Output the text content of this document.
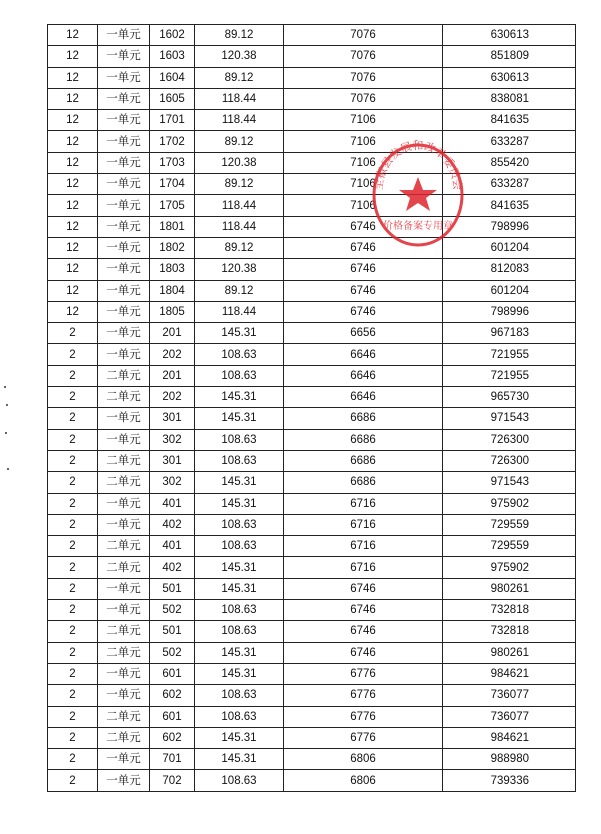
12	一单元	1602	89.12	7076	630613
12	一单元	1603	120.38	7076	851809
12	一单元	1604	89.12	7076	630613
12	一单元	1605	118.44	7076	838081
12	一单元	1701	118.44	7106	841635
12	一单元	1702	89.12	7106	633287
12	一单元	1703	120.38	7106	855420
12	一单元	1704	89.12	7106	633287
12	一单元	1705	118.44	7106	841635
12	一单元	1801	118.44	6746	798996
12	一单元	1802	89.12	6746	601204
12	一单元	1803	120.38	6746	812083
12	一单元	1804	89.12	6746	601204
12	一单元	1805	118.44	6746	798996
2	一单元	201	145.31	6656	967183
2	一单元	202	108.63	6646	721955
2	二单元	201	108.63	6646	721955
2	二单元	202	145.31	6646	965730
2	一单元	301	145.31	6686	971543
2	一单元	302	108.63	6686	726300
2	二单元	301	108.63	6686	726300
2	二单元	302	145.31	6686	971543
2	一单元	401	145.31	6716	975902
2	一单元	402	108.63	6716	729559
2	二单元	401	108.63	6716	729559
2	二单元	402	145.31	6716	975902
2	一单元	501	145.31	6746	980261
2	一单元	502	108.63	6746	732818
2	二单元	501	108.63	6746	732818
2	二单元	502	145.31	6746	980261
2	一单元	601	145.31	6776	984621
2	一单元	602	108.63	6776	736077
2	二单元	601	108.63	6776	736077
2	二单元	602	145.31	6776	984621
2	一单元	701	145.31	6806	988980
2	一单元	702	108.63	6806	739336
全椒县发展和改革委员会
价格备案专用章
